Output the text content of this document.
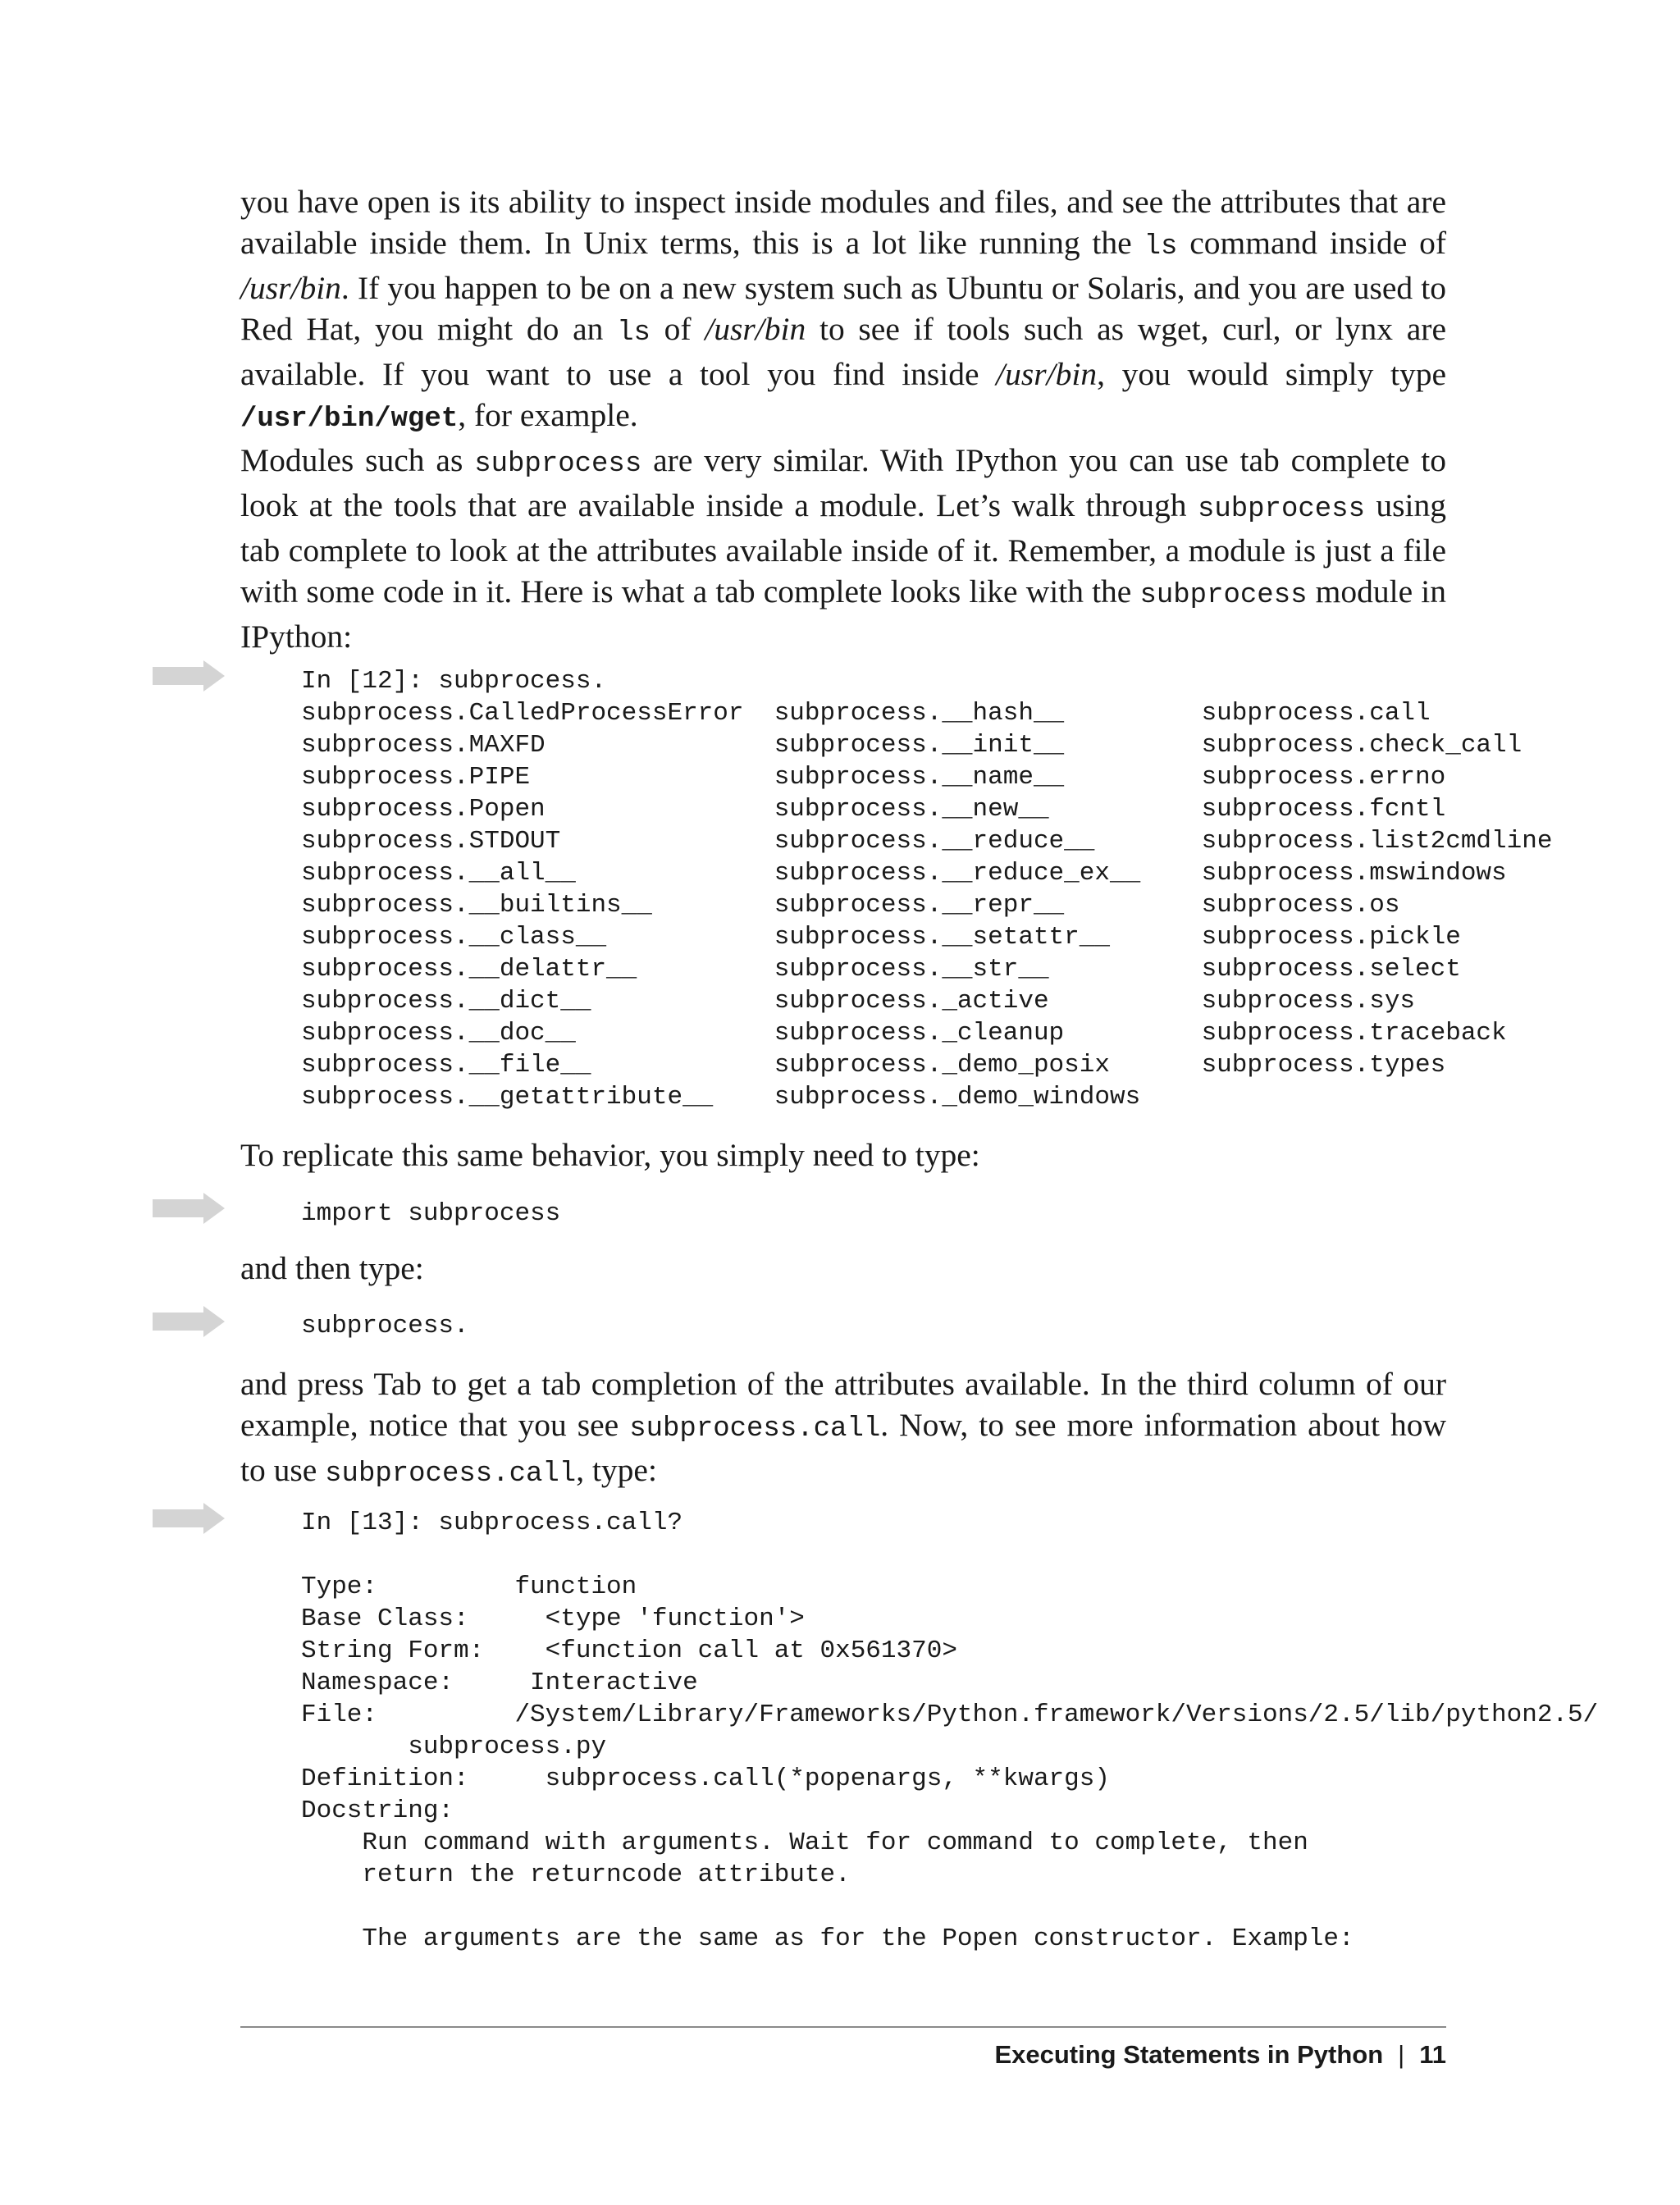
you have open is its ability to inspect inside modules and files, and see the attributes that are available inside them. In Unix terms, this is a lot like running the ls command inside of /usr/bin. If you happen to be on a new system such as Ubuntu or Solaris, and you are used to Red Hat, you might do an ls of /usr/bin to see if tools such as wget, curl, or lynx are available. If you want to use a tool you find inside /usr/bin, you would simply type /usr/bin/wget, for example.

Modules such as subprocess are very similar. With IPython you can use tab complete to look at the tools that are available inside a module. Let’s walk through subprocess using tab complete to look at the attributes available inside of it. Remember, a module is just a file with some code in it. Here is what a tab complete looks like with the subprocess module in IPython:

In [12]: subprocess.
subprocess.CalledProcessError  subprocess.__hash__         subprocess.call
subprocess.MAXFD               subprocess.__init__         subprocess.check_call
subprocess.PIPE                subprocess.__name__         subprocess.errno
subprocess.Popen               subprocess.__new__          subprocess.fcntl
subprocess.STDOUT              subprocess.__reduce__       subprocess.list2cmdline
subprocess.__all__             subprocess.__reduce_ex__    subprocess.mswindows
subprocess.__builtins__        subprocess.__repr__         subprocess.os
subprocess.__class__           subprocess.__setattr__      subprocess.pickle
subprocess.__delattr__         subprocess.__str__          subprocess.select
subprocess.__dict__            subprocess._active          subprocess.sys
subprocess.__doc__             subprocess._cleanup         subprocess.traceback
subprocess.__file__            subprocess._demo_posix      subprocess.types
subprocess.__getattribute__    subprocess._demo_windows

To replicate this same behavior, you simply need to type:

import subprocess

and then type:

subprocess.

and press Tab to get a tab completion of the attributes available. In the third column of our example, notice that you see subprocess.call. Now, to see more information about how to use subprocess.call, type:

In [13]: subprocess.call?

Type:         function
Base Class:     <type 'function'>
String Form:    <function call at 0x561370>
Namespace:     Interactive
File:         /System/Library/Frameworks/Python.framework/Versions/2.5/lib/python2.5/
subprocess.py
Definition:     subprocess.call(*popenargs, **kwargs)
Docstring:
Run command with arguments. Wait for command to complete, then
return the returncode attribute.

The arguments are the same as for the Popen constructor. Example:
Executing Statements in Python | 11
